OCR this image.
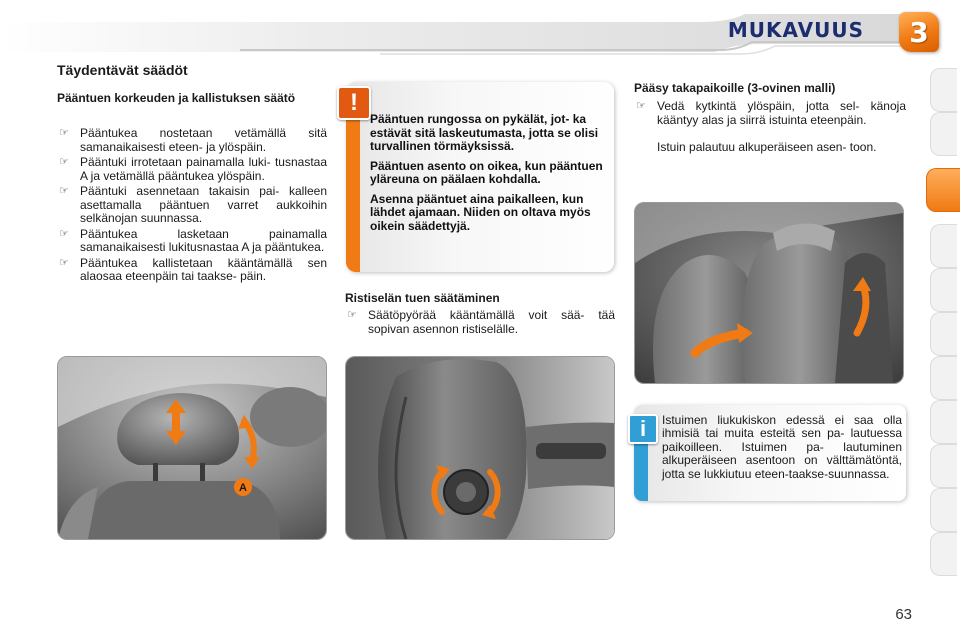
MUKAVUUS	3
Täydentävät säädöt
Pääntuen korkeuden ja kallistuksen säätö
☞ Pääntukea nostetaan vetämällä sitä samanaikaisesti eteen- ja ylöspäin.
☞ Pääntuki irrotetaan painamalla luki- tusnastaa A ja vetämällä pääntukea ylöspäin.
☞ Pääntuki asennetaan takaisin pai- kalleen asettamalla pääntuen varret aukkoihin selkänojan suunnassa.
☞ Pääntukea lasketaan painamalla samanaikaisesti lukitusnastaa A ja pääntukea.
☞ Pääntukea kallistetaan kääntämällä sen alaosaa eteenpäin tai taakse- päin.
!

Pääntuen rungossa on pykälät, jot- ka estävät sitä laskeutumasta, jotta se olisi turvallinen törmäyksissä.

Pääntuen asento on oikea, kun pääntuen yläreuna on päälaen kohdalla.

Asenna pääntuet aina paikalleen, kun lähdet ajamaan. Niiden on oltava myös oikein säädettyjä.

Ristiselän tuen säätäminen
☞ Säätöpyörää kääntämällä voit sää- tää sopivan asennon ristiselälle.
Pääsy takapaikoille (3-ovinen malli)
☞ Vedä kytkintä ylöspäin, jotta sel- känoja kääntyy alas ja siirrä istuinta eteenpäin.
Istuin palautuu alkuperäiseen asen- toon.
i	Istuimen liukukiskon edessä ei saa olla ihmisiä tai muita esteitä sen pa- lautuessa paikoilleen. Istuimen pa- lautuminen alkuperäiseen asentoon on välttämätöntä, jotta se lukkiutuu eteen-taakse-suunnassa.
A
63
